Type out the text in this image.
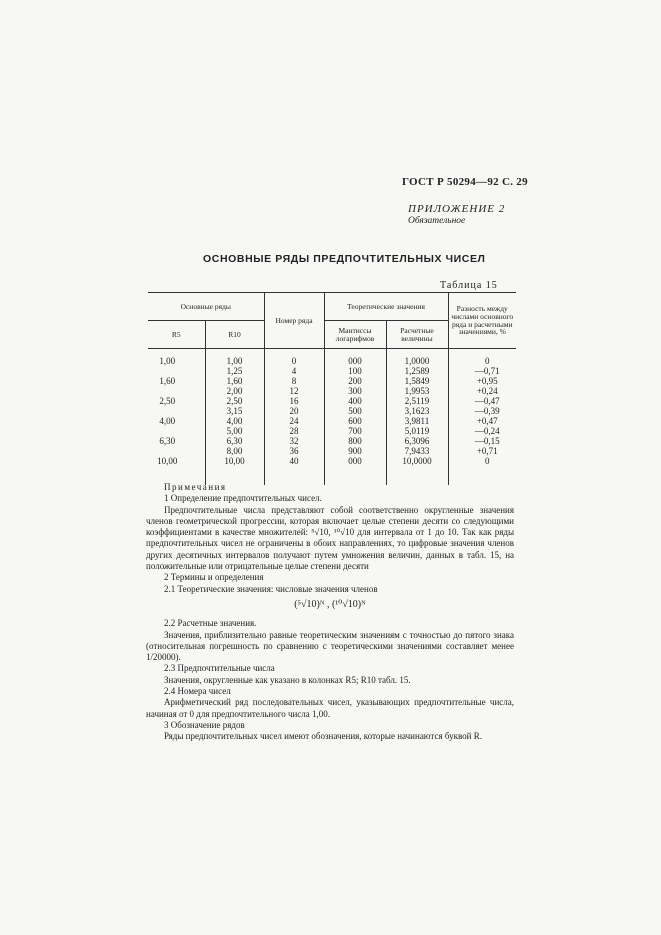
ГОСТ Р 50294—92 С. 29
ПРИЛОЖЕНИЕ 2
Обязательное
ОСНОВНЫЕ РЯДЫ ПРЕДПОЧТИТЕЛЬНЫХ ЧИСЕЛ
Таблица 15
Основные ряды		Номер ряда	Теоретические значения		Разность между числами основного ряда и расчетными значениями, %
R5	R10		Мантиссы логарифмов	Расчетные величины	
1,00	1,00	0	000	1,0000	0
	1,25	4	100	1,2589	—0,71
1,60	1,60	8	200	1,5849	+0,95
	2,00	12	300	1,9953	+0,24
2,50	2,50	16	400	2,5119	—0,47
	3,15	20	500	3,1623	—0,39
4,00	4,00	24	600	3,9811	+0,47
	5,00	28	700	5,0119	—0,24
6,30	6,30	32	800	6,3096	—0,15
	8,00	36	900	7,9433	+0,71
10,00	10,00	40	000	10,0000	0

Примечания

1 Определение предпочтительных чисел.

Предпочтительные числа представляют собой соответственно округленные значения членов геометрической прогрессии, которая включает целые степени десяти со следующими коэффициентами в качестве множителей: ⁵√10, ¹⁰√10 для интервала от 1 до 10. Так как ряды предпочтительных чисел не ограничены в обоих направлениях, то цифровые значения членов других десятичных интервалов получают путем умножения величин, данных в табл. 15, на положительные или отрицательные целые степени десяти

2 Термины и определения

2.1 Теоретические значения: числовые значения членов

(⁵√10)ᴺ , (¹⁰√10)ᴺ

2.2 Расчетные значения.

Значения, приблизительно равные теоретическим значениям с точностью до пятого знака (относительная погрешность по сравнению с теоретическими значениями составляет менее 1/20000).

2.3 Предпочтительные числа

Значения, округленные как указано в колонках R5; R10 табл. 15.

2.4 Номера чисел

Арифметический ряд последовательных чисел, указывающих предпочтительные числа, начиная от 0 для предпочтительного числа 1,00.

3 Обозначение рядов

Ряды предпочтительных чисел имеют обозначения, которые начинаются буквой R.
